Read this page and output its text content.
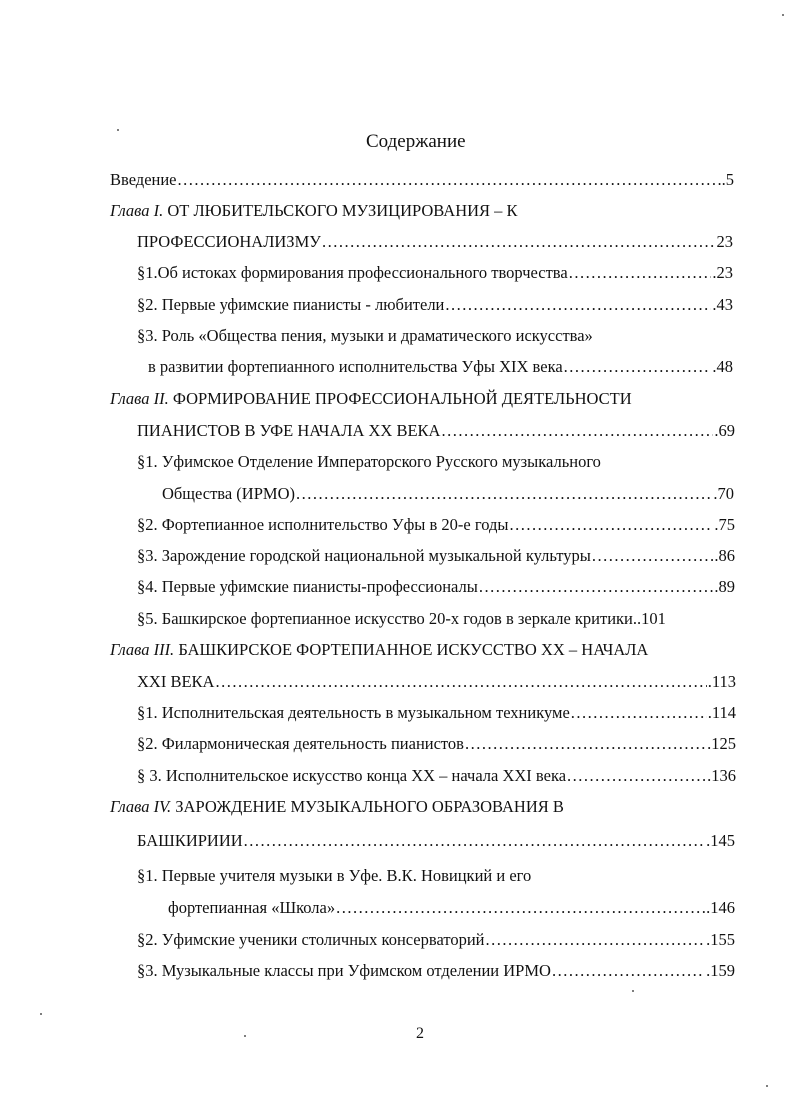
Содержание
Введение .....	..5
Глава I. ОТ ЛЮБИТЕЛЬСКОГО МУЗИЦИРОВАНИЯ – К
ПРОФЕССИОНАЛИЗМУ .....	23
§1.Об истоках формирования профессионального творчества .....	.23
§2. Первые уфимские пианисты - любители .....	.43
§3. Роль «Общества пения, музыки и драматического искусства»
в развитии фортепианного исполнительства Уфы XIX века .....	.48
Глава II. ФОРМИРОВАНИЕ ПРОФЕССИОНАЛЬНОЙ ДЕЯТЕЛЬНОСТИ
ПИАНИСТОВ В УФЕ НАЧАЛА XX ВЕКА .....	.69
§1. Уфимское Отделение Императорского Русского музыкального
Общества (ИРМО) .....	.70
§2. Фортепианное исполнительство Уфы в 20-е годы .....	.75
§3. Зарождение городской национальной музыкальной культуры .....	.86
§4. Первые уфимские пианисты-профессионалы .....	.89
§5. Башкирское фортепианное искусство 20-х годов в зеркале критики ..101
Глава III. БАШКИРСКОЕ ФОРТЕПИАННОЕ ИСКУССТВО XX – НАЧАЛА
XXI ВЕКА .....	.113
§1. Исполнительская деятельность в музыкальном техникуме .....	.114
§2. Филармоническая деятельность пианистов .....	.125
§ 3. Исполнительское искусство конца XX – начала XXI века .....	.136
Глава IV. ЗАРОЖДЕНИЕ МУЗЫКАЛЬНОГО ОБРАЗОВАНИЯ В
БАШКИРИИИ .....	.145
§1. Первые учителя музыки в Уфе. В.К. Новицкий и его
фортепианная «Школа» .....	.146
§2. Уфимские ученики столичных консерваторий .....	.155
§3. Музыкальные классы при Уфимском отделении ИРМО .....	.159
2
